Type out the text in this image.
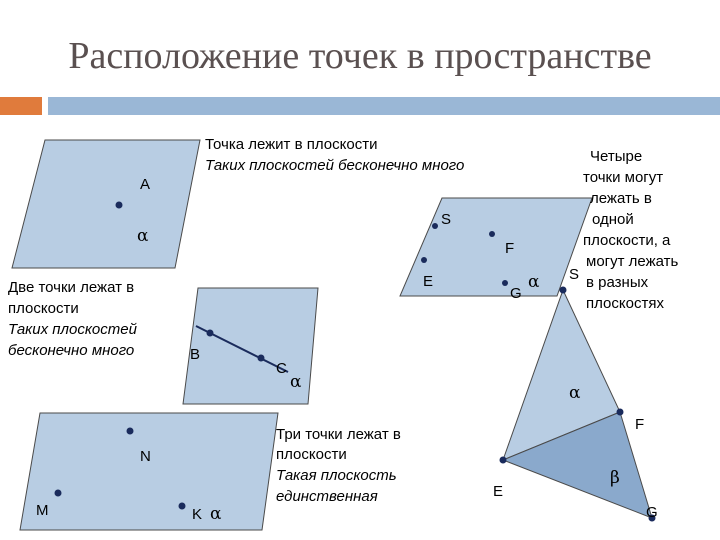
Расположение точек в пространстве
Точка лежит в плоскости
Таких плоскостей бесконечно много
A
α
Две точки лежат в
плоскости
Таких плоскостей
бесконечно много	B
C
α
Три точки лежат в
плоскости
Такая плоскость
единственная
N
M	K α
Четыре
точки могут
лежать в
одной
плоскости, а
могут лежать
в разных
плоскостях
S
F
E
G
α S
F
E
G
α
β
